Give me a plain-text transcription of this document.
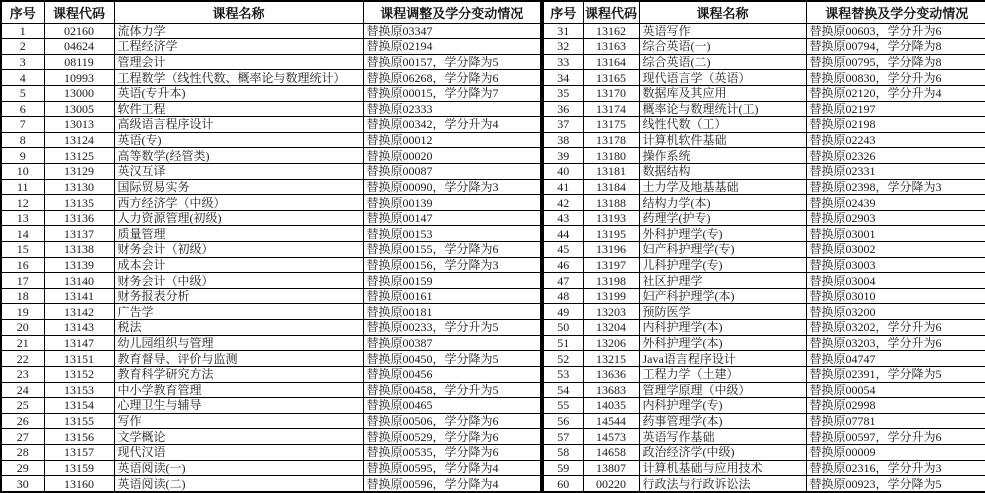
序号	课程代码	课程名称	课程调整及学分变动情况
1	02160	流体力学	替换原03347
2	04624	工程经济学	替换原02194
3	08119	管理会计	替换原00157，学分降为5
4	10993	工程数学（线性代数、概率论与数理统计）	替换原06268，学分降为6
5	13000	英语(专升本)	替换原00015，学分降为7
6	13005	软件工程	替换原02333
7	13013	高级语言程序设计	替换原00342，学分升为4
8	13124	英语(专)	替换原00012
9	13125	高等数学(经管类)	替换原00020
10	13129	英汉互译	替换原00087
11	13130	国际贸易实务	替换原00090，学分降为3
12	13135	西方经济学（中级）	替换原00139
13	13136	人力资源管理(初级)	替换原00147
14	13137	质量管理	替换原00153
15	13138	财务会计（初级）	替换原00155，学分降为6
16	13139	成本会计	替换原00156，学分降为3
17	13140	财务会计（中级）	替换原00159
18	13141	财务报表分析	替换原00161
19	13142	广告学	替换原00181
20	13143	税法	替换原00233，学分升为5
21	13147	幼儿园组织与管理	替换原00387
22	13151	教育督导、评价与监测	替换原00450，学分降为5
23	13152	教育科学研究方法	替换原00456
24	13153	中小学教育管理	替换原00458，学分升为5
25	13154	心理卫生与辅导	替换原00465
26	13155	写作	替换原00506，学分降为6
27	13156	文学概论	替换原00529，学分降为6
28	13157	现代汉语	替换原00535，学分降为6
29	13159	英语阅读(一)	替换原00595，学分降为4
30	13160	英语阅读(二)	替换原00596，学分降为4
序号	课程代码	课程名称	课程替换及学分变动情况
31	13162	英语写作	替换原00603，学分升为6
32	13163	综合英语(一)	替换原00794，学分降为8
33	13164	综合英语(二)	替换原00795，学分降为8
34	13165	现代语言学（英语）	替换原00830，学分升为6
35	13170	数据库及其应用	替换原02120，学分升为4
36	13174	概率论与数理统计(工)	替换原02197
37	13175	线性代数（工）	替换原02198
38	13178	计算机软件基础	替换原02243
39	13180	操作系统	替换原02326
40	13181	数据结构	替换原02331
41	13184	土力学及地基基础	替换原02398，学分降为3
42	13188	结构力学(本)	替换原02439
43	13193	药理学(护专)	替换原02903
44	13195	外科护理学(专)	替换原03001
45	13196	妇产科护理学(专)	替换原03002
46	13197	儿科护理学(专)	替换原03003
47	13198	社区护理学	替换原03004
48	13199	妇产科护理学(本)	替换原03010
49	13203	预防医学	替换原03200
50	13204	内科护理学(本)	替换原03202，学分升为6
51	13206	外科护理学(本)	替换原03203，学分升为6
52	13215	Java语言程序设计	替换原04747
53	13636	工程力学（土建）	替换原02391，学分降为5
54	13683	管理学原理（中级）	替换原00054
55	14035	内科护理学(专)	替换原02998
56	14544	药事管理学(本)	替换原07781
57	14573	英语写作基础	替换原00597，学分升为6
58	14658	政治经济学(中级)	替换原00009
59	13807	计算机基础与应用技术	替换原02316，学分升为3
60	00220	行政法与行政诉讼法	替换原00923，学分降为5
